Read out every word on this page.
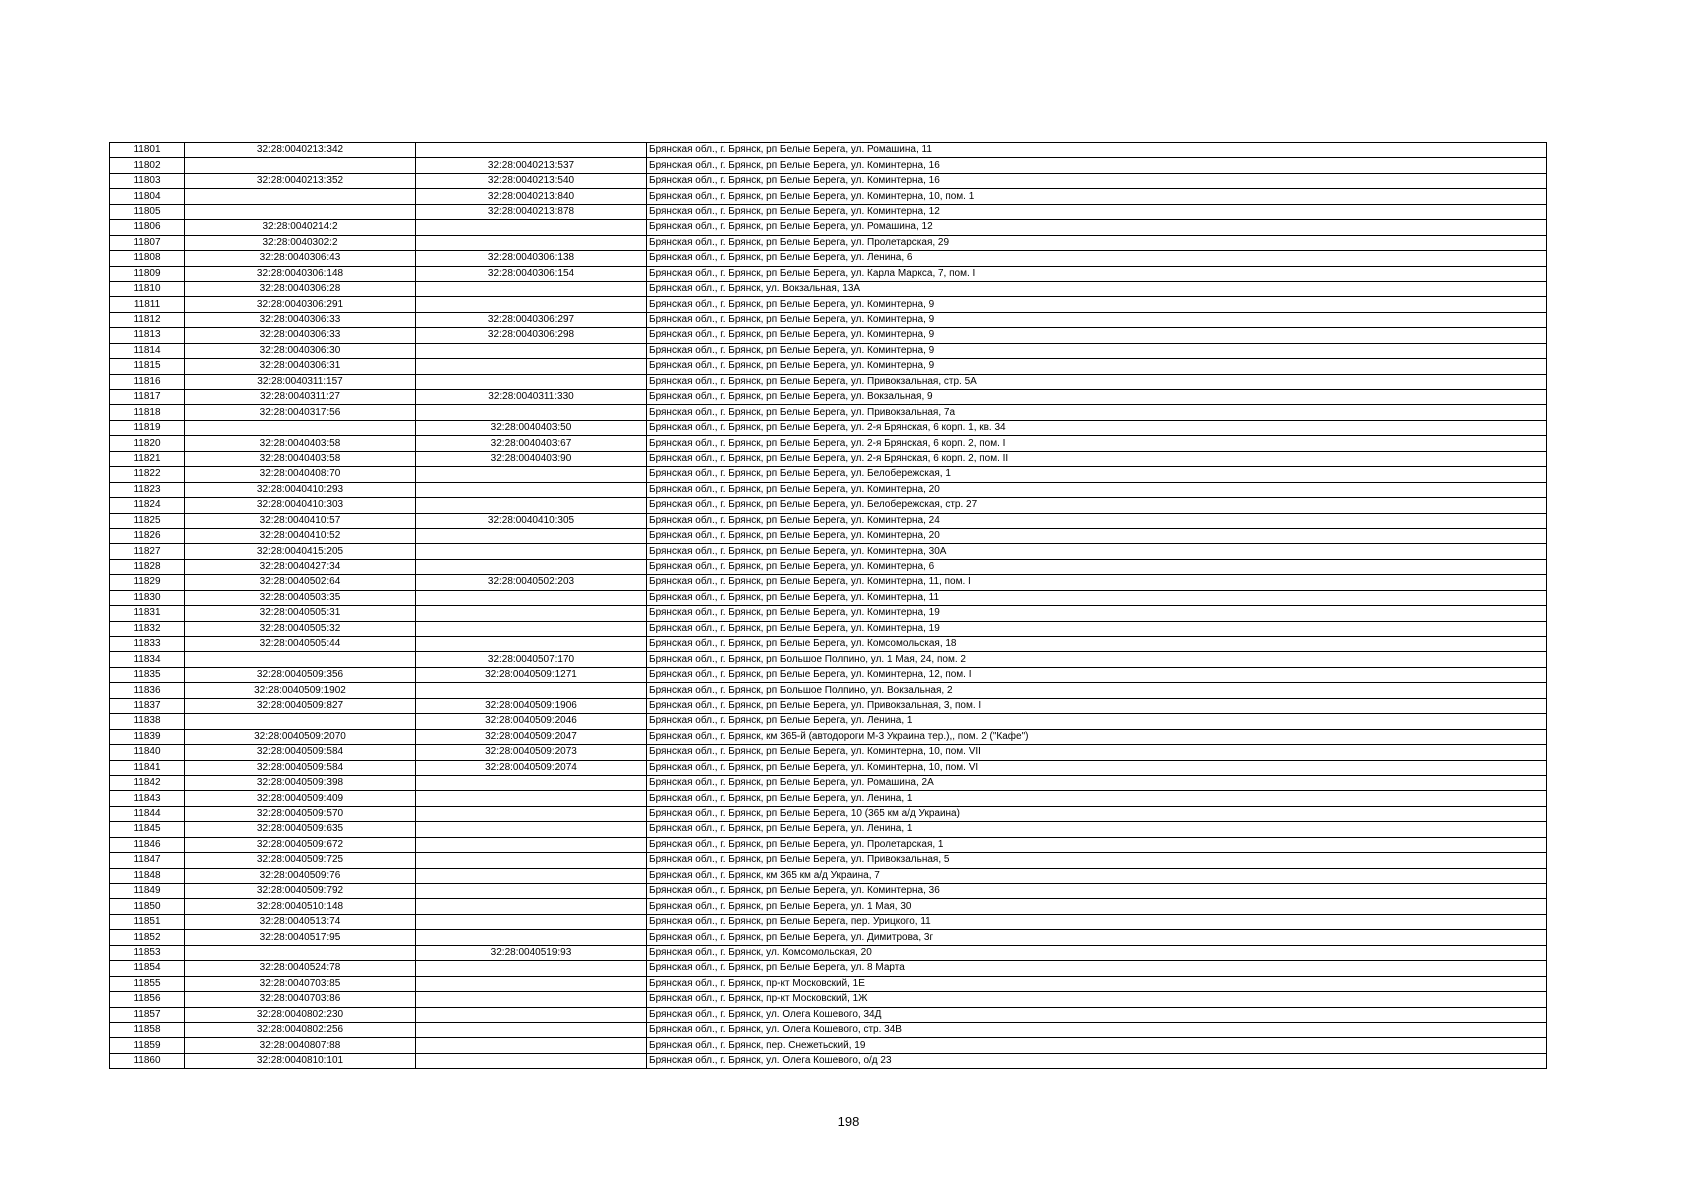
11801	32:28:0040213:342		Брянская обл., г. Брянск, рп Белые Берега, ул. Ромашина, 11
11802		32:28:0040213:537	Брянская обл., г. Брянск, рп Белые Берега, ул. Коминтерна, 16
11803	32:28:0040213:352	32:28:0040213:540	Брянская обл., г. Брянск, рп Белые Берега, ул. Коминтерна, 16
11804		32:28:0040213:840	Брянская обл., г. Брянск, рп Белые Берега, ул. Коминтерна, 10, пом. 1
11805		32:28:0040213:878	Брянская обл., г. Брянск, рп Белые Берега, ул. Коминтерна, 12
11806	32:28:0040214:2		Брянская обл., г. Брянск, рп Белые Берега, ул. Ромашина, 12
11807	32:28:0040302:2		Брянская обл., г. Брянск, рп Белые Берега, ул. Пролетарская, 29
11808	32:28:0040306:43	32:28:0040306:138	Брянская обл., г. Брянск, рп Белые Берега, ул. Ленина, 6
11809	32:28:0040306:148	32:28:0040306:154	Брянская обл., г. Брянск, рп Белые Берега, ул. Карла Маркса, 7, пом. I
11810	32:28:0040306:28		Брянская обл., г. Брянск, ул. Вокзальная, 13А
11811	32:28:0040306:291		Брянская обл., г. Брянск, рп Белые Берега, ул. Коминтерна, 9
11812	32:28:0040306:33	32:28:0040306:297	Брянская обл., г. Брянск, рп Белые Берега, ул. Коминтерна, 9
11813	32:28:0040306:33	32:28:0040306:298	Брянская обл., г. Брянск, рп Белые Берега, ул. Коминтерна, 9
11814	32:28:0040306:30		Брянская обл., г. Брянск, рп Белые Берега, ул. Коминтерна, 9
11815	32:28:0040306:31		Брянская обл., г. Брянск, рп Белые Берега, ул. Коминтерна, 9
11816	32:28:0040311:157		Брянская обл., г. Брянск, рп Белые Берега, ул. Привокзальная, стр. 5А
11817	32:28:0040311:27	32:28:0040311:330	Брянская обл., г. Брянск, рп Белые Берега, ул. Вокзальная, 9
11818	32:28:0040317:56		Брянская обл., г. Брянск, рп Белые Берега, ул. Привокзальная, 7а
11819		32:28:0040403:50	Брянская обл., г. Брянск, рп Белые Берега, ул. 2-я Брянская, 6 корп. 1, кв. 34
11820	32:28:0040403:58	32:28:0040403:67	Брянская обл., г. Брянск, рп Белые Берега, ул. 2-я Брянская, 6 корп. 2, пом. I
11821	32:28:0040403:58	32:28:0040403:90	Брянская обл., г. Брянск, рп Белые Берега, ул. 2-я Брянская, 6 корп. 2, пом. II
11822	32:28:0040408:70		Брянская обл., г. Брянск, рп Белые Берега, ул. Белобережская, 1
11823	32:28:0040410:293		Брянская обл., г. Брянск, рп Белые Берега, ул. Коминтерна, 20
11824	32:28:0040410:303		Брянская обл., г. Брянск, рп Белые Берега, ул. Белобережская, стр. 27
11825	32:28:0040410:57	32:28:0040410:305	Брянская обл., г. Брянск, рп Белые Берега, ул. Коминтерна, 24
11826	32:28:0040410:52		Брянская обл., г. Брянск, рп Белые Берега, ул. Коминтерна, 20
11827	32:28:0040415:205		Брянская обл., г. Брянск, рп Белые Берега, ул. Коминтерна, 30А
11828	32:28:0040427:34		Брянская обл., г. Брянск, рп Белые Берега, ул. Коминтерна, 6
11829	32:28:0040502:64	32:28:0040502:203	Брянская обл., г. Брянск, рп Белые Берега, ул. Коминтерна, 11, пом. I
11830	32:28:0040503:35		Брянская обл., г. Брянск, рп Белые Берега, ул. Коминтерна, 11
11831	32:28:0040505:31		Брянская обл., г. Брянск, рп Белые Берега, ул. Коминтерна, 19
11832	32:28:0040505:32		Брянская обл., г. Брянск, рп Белые Берега, ул. Коминтерна, 19
11833	32:28:0040505:44		Брянская обл., г. Брянск, рп Белые Берега, ул. Комсомольская, 18
11834		32:28:0040507:170	Брянская обл., г. Брянск, рп Большое Полпино, ул. 1 Мая, 24, пом. 2
11835	32:28:0040509:356	32:28:0040509:1271	Брянская обл., г. Брянск, рп Белые Берега, ул. Коминтерна, 12, пом. I
11836	32:28:0040509:1902		Брянская обл., г. Брянск, рп Большое Полпино, ул. Вокзальная, 2
11837	32:28:0040509:827	32:28:0040509:1906	Брянская обл., г. Брянск, рп Белые Берега, ул. Привокзальная, 3, пом. I
11838		32:28:0040509:2046	Брянская обл., г. Брянск, рп Белые Берега, ул. Ленина, 1
11839	32:28:0040509:2070	32:28:0040509:2047	Брянская обл., г. Брянск, км 365-й (автодороги М-3 Украина тер.),, пом. 2 ("Кафе")
11840	32:28:0040509:584	32:28:0040509:2073	Брянская обл., г. Брянск, рп Белые Берега, ул. Коминтерна, 10, пом. VII
11841	32:28:0040509:584	32:28:0040509:2074	Брянская обл., г. Брянск, рп Белые Берега, ул. Коминтерна, 10, пом. VI
11842	32:28:0040509:398		Брянская обл., г. Брянск, рп Белые Берега, ул. Ромашина, 2А
11843	32:28:0040509:409		Брянская обл., г. Брянск, рп Белые Берега, ул. Ленина, 1
11844	32:28:0040509:570		Брянская обл., г. Брянск, рп Белые Берега, 10 (365 км а/д Украина)
11845	32:28:0040509:635		Брянская обл., г. Брянск, рп Белые Берега, ул. Ленина, 1
11846	32:28:0040509:672		Брянская обл., г. Брянск, рп Белые Берега, ул. Пролетарская, 1
11847	32:28:0040509:725		Брянская обл., г. Брянск, рп Белые Берега, ул. Привокзальная, 5
11848	32:28:0040509:76		Брянская обл., г. Брянск, км 365 км а/д Украина, 7
11849	32:28:0040509:792		Брянская обл., г. Брянск, рп Белые Берега, ул. Коминтерна, 36
11850	32:28:0040510:148		Брянская обл., г. Брянск, рп Белые Берега, ул. 1 Мая, 30
11851	32:28:0040513:74		Брянская обл., г. Брянск, рп Белые Берега, пер. Урицкого, 11
11852	32:28:0040517:95		Брянская обл., г. Брянск, рп Белые Берега, ул. Димитрова, 3г
11853		32:28:0040519:93	Брянская обл., г. Брянск, ул. Комсомольская, 20
11854	32:28:0040524:78		Брянская обл., г. Брянск, рп Белые Берега, ул. 8 Марта
11855	32:28:0040703:85		Брянская обл., г. Брянск, пр-кт Московский, 1Е
11856	32:28:0040703:86		Брянская обл., г. Брянск, пр-кт Московский, 1Ж
11857	32:28:0040802:230		Брянская обл., г. Брянск, ул. Олега Кошевого, 34Д
11858	32:28:0040802:256		Брянская обл., г. Брянск, ул. Олега Кошевого, стр. 34В
11859	32:28:0040807:88		Брянская обл., г. Брянск, пер. Снежетьский, 19
11860	32:28:0040810:101		Брянская обл., г. Брянск, ул. Олега Кошевого, о/д 23
198
